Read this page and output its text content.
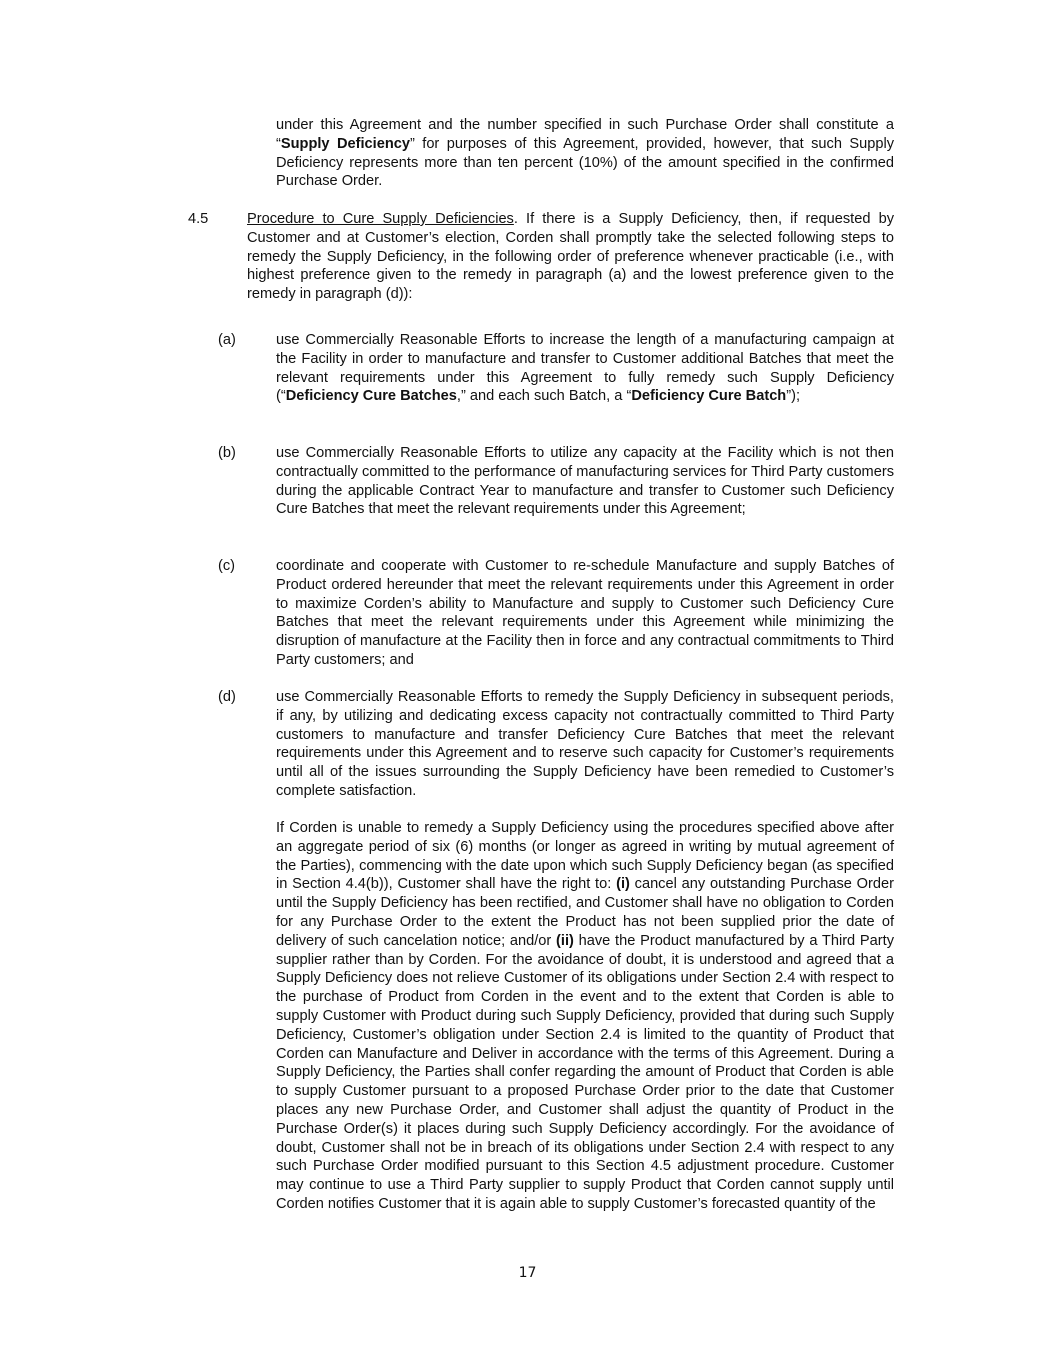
under this Agreement and the number specified in such Purchase Order shall constitute a “Supply Deficiency” for purposes of this Agreement, provided, however, that such Supply Deficiency represents more than ten percent (10%) of the amount specified in the confirmed Purchase Order.

4.5	Procedure to Cure Supply Deficiencies. If there is a Supply Deficiency, then, if requested by Customer and at Customer’s election, Corden shall promptly take the selected following steps to remedy the Supply Deficiency, in the following order of preference whenever practicable (i.e., with highest preference given to the remedy in paragraph (a) and the lowest preference given to the remedy in paragraph (d)):

(a)	use Commercially Reasonable Efforts to increase the length of a manufacturing campaign at the Facility in order to manufacture and transfer to Customer additional Batches that meet the relevant requirements under this Agreement to fully remedy such Supply Deficiency (“Deficiency Cure Batches,” and each such Batch, a “Deficiency Cure Batch”);

(b)	use Commercially Reasonable Efforts to utilize any capacity at the Facility which is not then contractually committed to the performance of manufacturing services for Third Party customers during the applicable Contract Year to manufacture and transfer to Customer such Deficiency Cure Batches that meet the relevant requirements under this Agreement;

(c)	coordinate and cooperate with Customer to re-schedule Manufacture and supply Batches of Product ordered hereunder that meet the relevant requirements under this Agreement in order to maximize Corden’s ability to Manufacture and supply to Customer such Deficiency Cure Batches that meet the relevant requirements under this Agreement while minimizing the disruption of manufacture at the Facility then in force and any contractual commitments to Third Party customers; and

(d)	use Commercially Reasonable Efforts to remedy the Supply Deficiency in subsequent periods, if any, by utilizing and dedicating excess capacity not contractually committed to Third Party customers to manufacture and transfer Deficiency Cure Batches that meet the relevant requirements under this Agreement and to reserve such capacity for Customer’s requirements until all of the issues surrounding the Supply Deficiency have been remedied to Customer’s complete satisfaction.

If Corden is unable to remedy a Supply Deficiency using the procedures specified above after an aggregate period of six (6) months (or longer as agreed in writing by mutual agreement of the Parties), commencing with the date upon which such Supply Deficiency began (as specified in Section 4.4(b)), Customer shall have the right to: (i) cancel any outstanding Purchase Order until the Supply Deficiency has been rectified, and Customer shall have no obligation to Corden for any Purchase Order to the extent the Product has not been supplied prior the date of delivery of such cancelation notice; and/or (ii) have the Product manufactured by a Third Party supplier rather than by Corden. For the avoidance of doubt, it is understood and agreed that a Supply Deficiency does not relieve Customer of its obligations under Section 2.4 with respect to the purchase of Product from Corden in the event and to the extent that Corden is able to supply Customer with Product during such Supply Deficiency, provided that during such Supply Deficiency, Customer’s obligation under Section 2.4 is limited to the quantity of Product that Corden can Manufacture and Deliver in accordance with the terms of this Agreement. During a Supply Deficiency, the Parties shall confer regarding the amount of Product that Corden is able to supply Customer pursuant to a proposed Purchase Order prior to the date that Customer places any new Purchase Order, and Customer shall adjust the quantity of Product in the Purchase Order(s) it places during such Supply Deficiency accordingly. For the avoidance of doubt, Customer shall not be in breach of its obligations under Section 2.4 with respect to any such Purchase Order modified pursuant to this Section 4.5 adjustment procedure. Customer may continue to use a Third Party supplier to supply Product that Corden cannot supply until Corden notifies Customer that it is again able to supply Customer’s forecasted quantity of the

17
